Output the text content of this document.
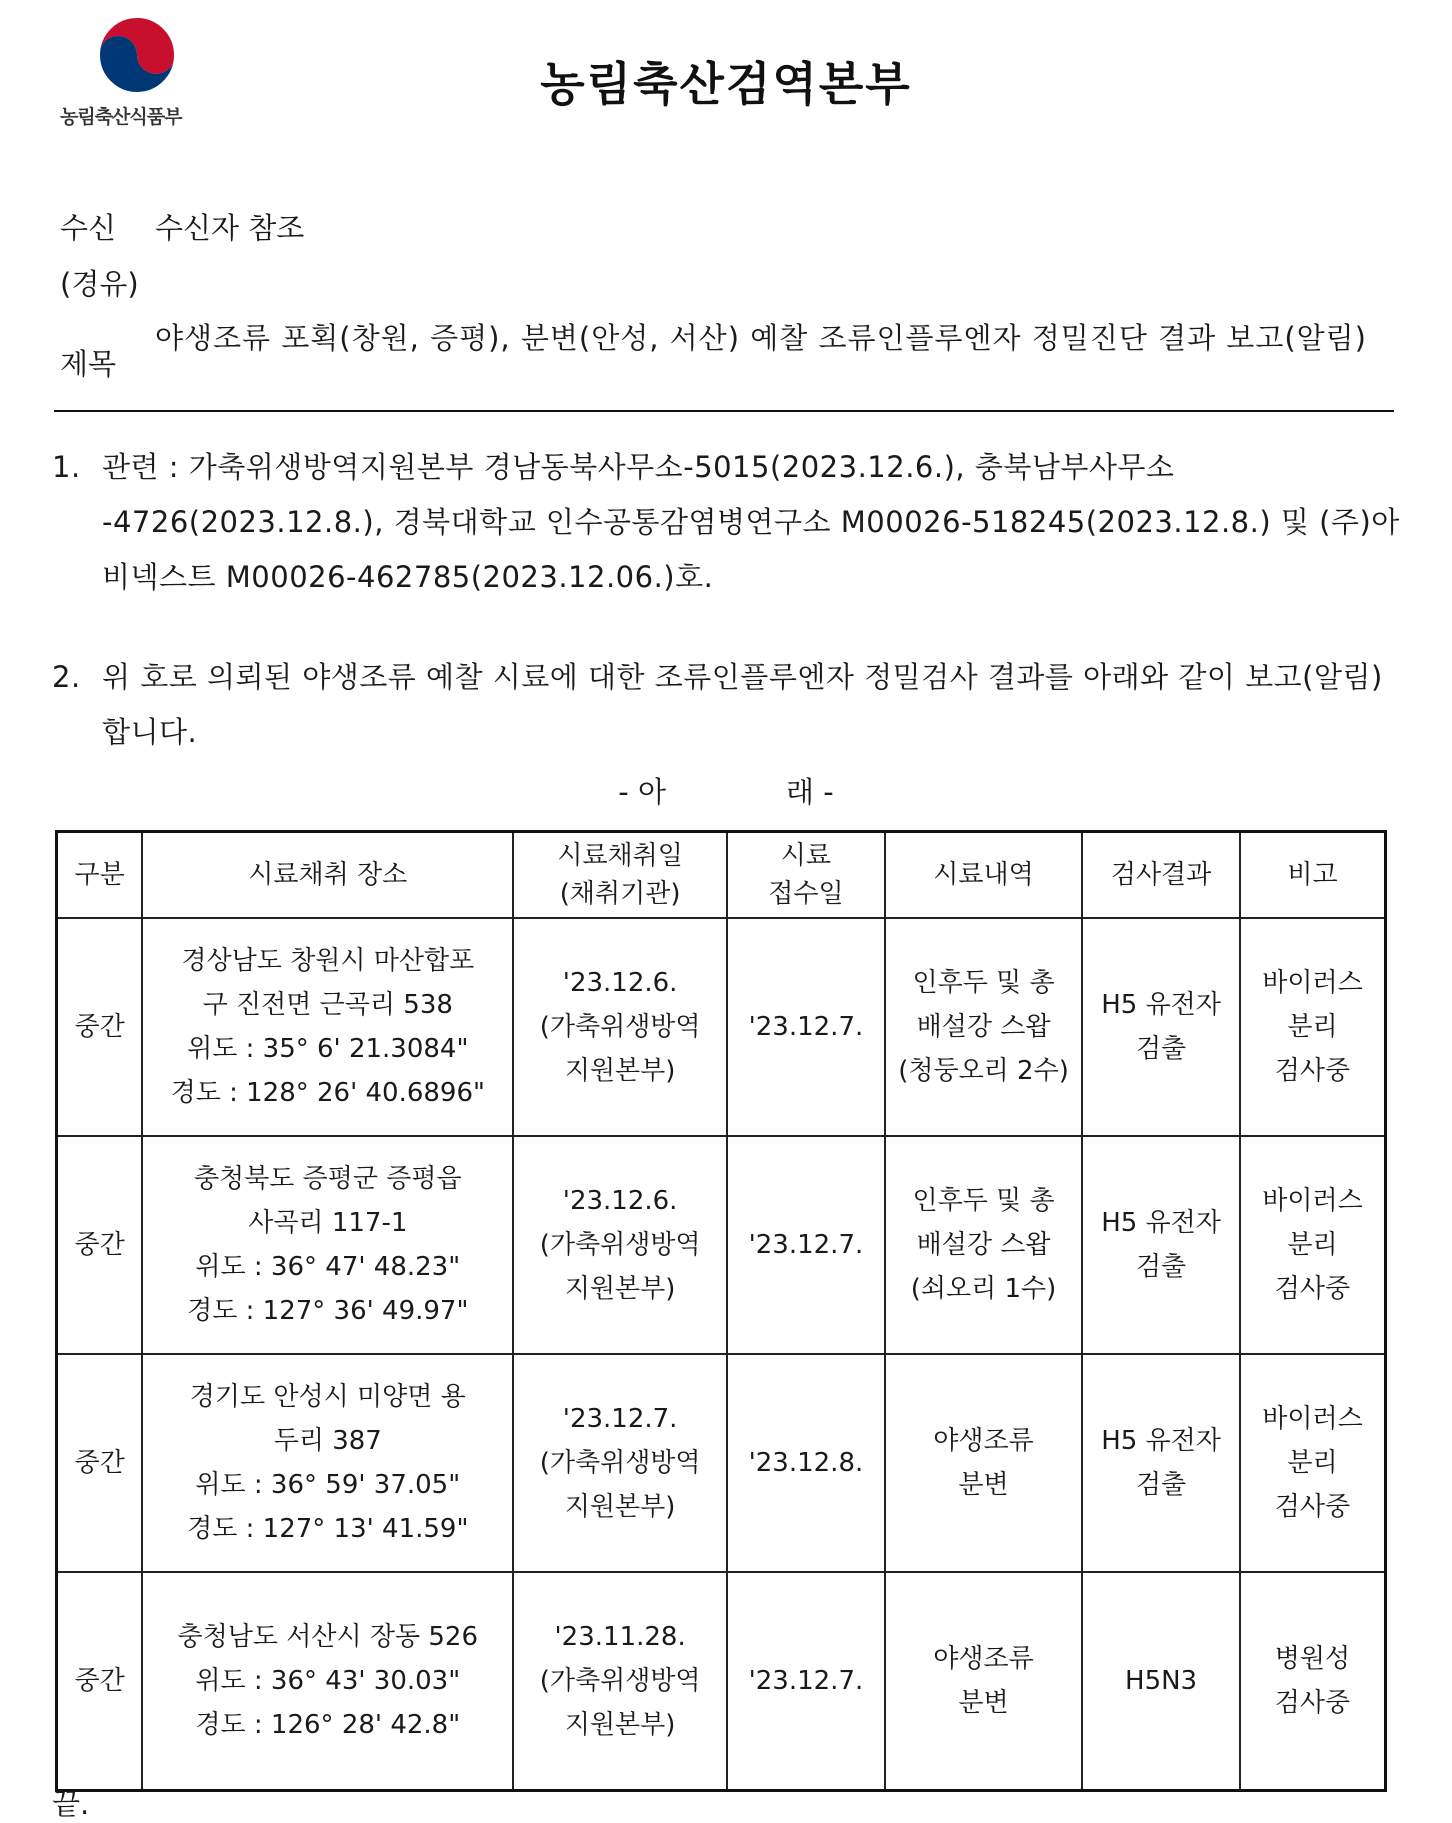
농림축산식품부
농림축산검역본부
수신 수신자 참조
(경유)
제목
야생조류 포획(창원, 증평), 분변(안성, 서산) 예찰 조류인플루엔자 정밀진단 결과 보고(알림)
1. 관련 : 가축위생방역지원본부 경남동북사무소-5015(2023.12.6.), 충북남부사무소 -4726(2023.12.8.), 경북대학교 인수공통감염병연구소 M00026-518245(2023.12.8.) 및 (주)아비넥스트 M00026-462785(2023.12.06.)호.
2. 위 호로 의뢰된 야생조류 예찰 시료에 대한 조류인플루엔자 정밀검사 결과를 아래와 같이 보고(알림)합니다.
- 아	래 -
구분	시료채취 장소	시료채취일
(채취기관)	시료
접수일	시료내역	검사결과	비고
중간	경상남도 창원시 마산합포
구 진전면 근곡리 538
위도 : 35° 6' 21.3084"
경도 : 128° 26' 40.6896"	'23.12.6.
(가축위생방역
지원본부)	'23.12.7.	인후두 및 총
배설강 스왑
(청둥오리 2수)	H5 유전자
검출	바이러스
분리
검사중
중간	충청북도 증평군 증평읍
사곡리 117-1
위도 : 36° 47' 48.23"
경도 : 127° 36' 49.97"	'23.12.6.
(가축위생방역
지원본부)	'23.12.7.	인후두 및 총
배설강 스왑
(쇠오리 1수)	H5 유전자
검출	바이러스
분리
검사중
중간	경기도 안성시 미양면 용
두리 387
위도 : 36° 59' 37.05"
경도 : 127° 13' 41.59"	'23.12.7.
(가축위생방역
지원본부)	'23.12.8.	야생조류
분변	H5 유전자
검출	바이러스
분리
검사중
중간	충청남도 서산시 장동 526
위도 : 36° 43' 30.03"
경도 : 126° 28' 42.8"	'23.11.28.
(가축위생방역
지원본부)	'23.12.7.	야생조류
분변	H5N3	병원성
검사중
끝.
